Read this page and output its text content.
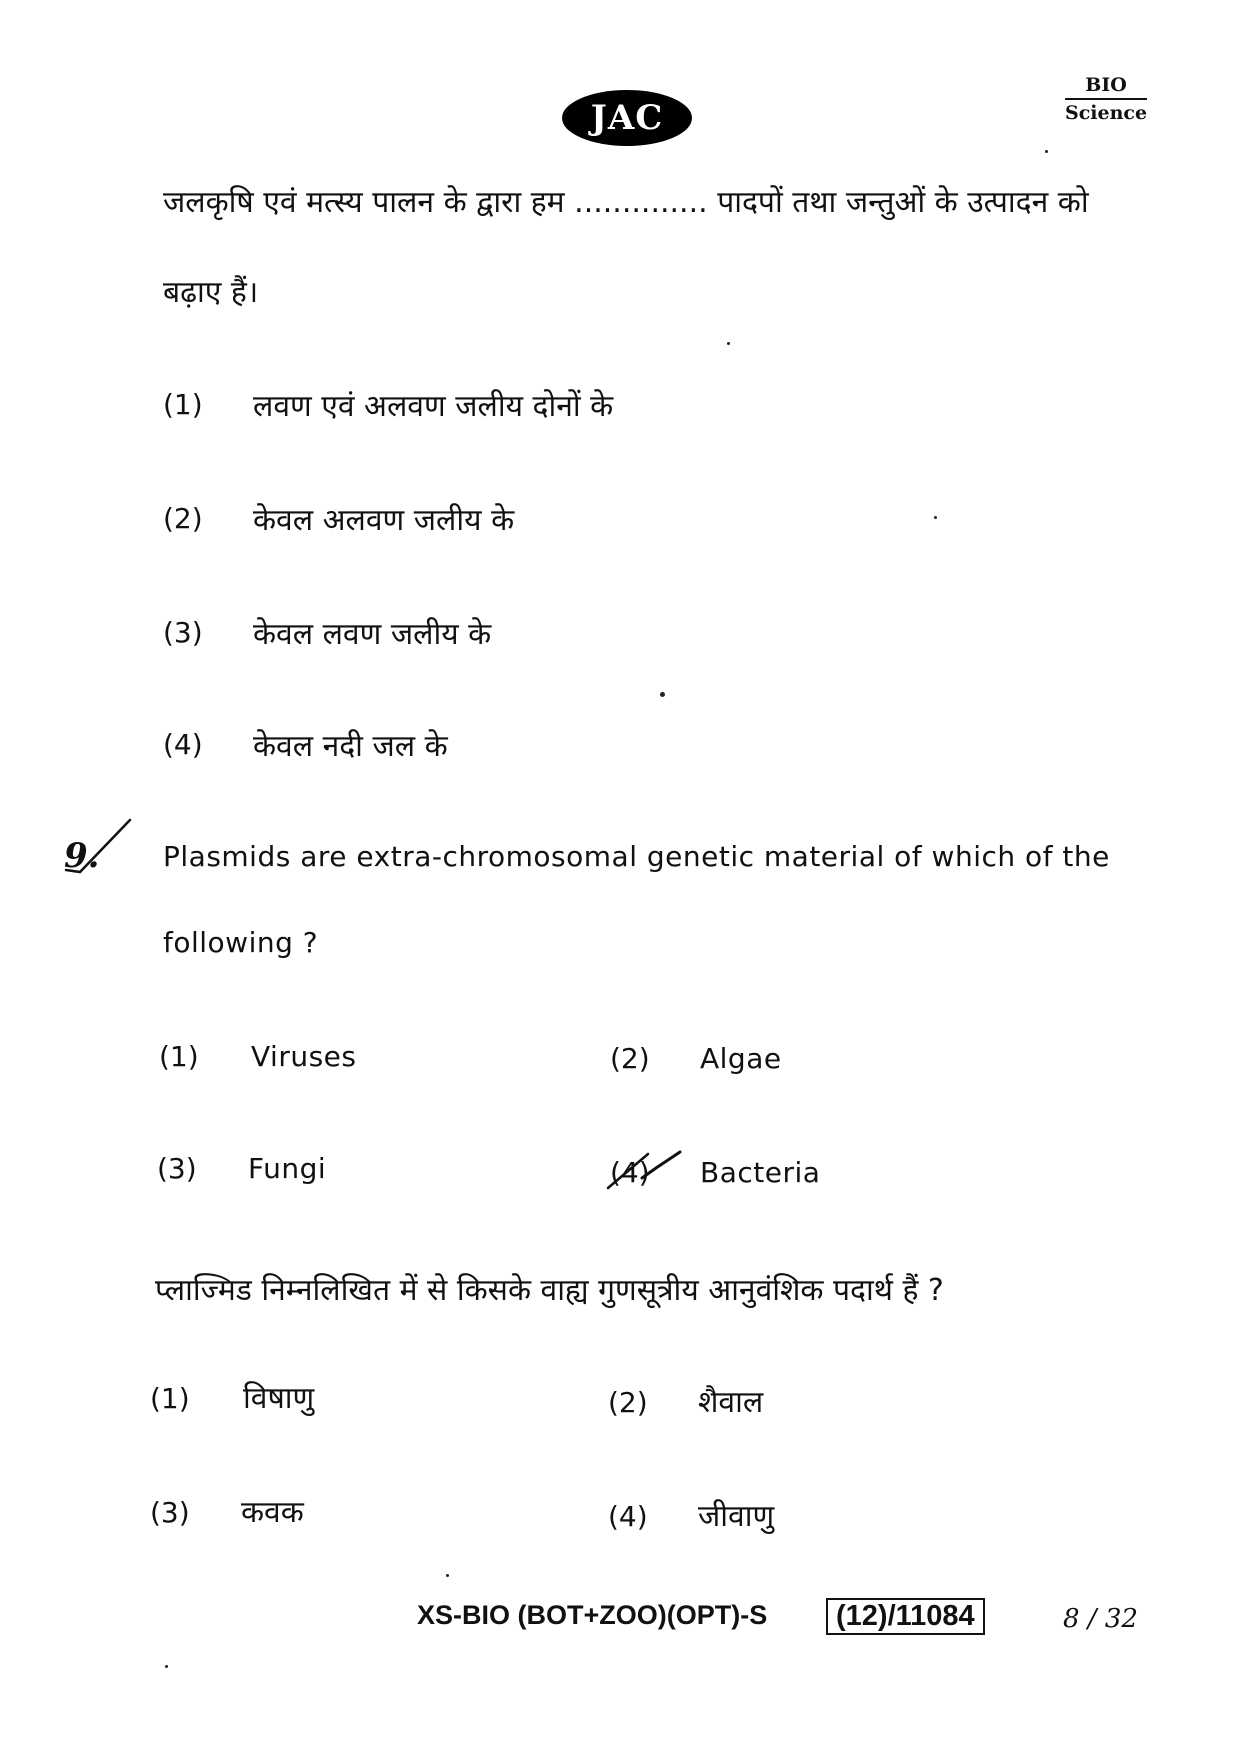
JAC
BIO
Science
जलकृषि एवं मत्स्य पालन के द्वारा हम .............. पादपों तथा जन्तुओं के उत्पादन को
बढ़ाए हैं।
(1) लवण एवं अलवण जलीय दोनों के
(2) केवल अलवण जलीय के
(3) केवल लवण जलीय के
(4) केवल नदी जल के
9. Plasmids are extra-chromosomal genetic material of which of the
following ?
(1) Viruses	(2) Algae
(3) Fungi	(4) Bacteria
प्लाज्मिड निम्नलिखित में से किसके वाह्य गुणसूत्रीय आनुवंशिक पदार्थ हैं ?
(1) विषाणु	(2) शैवाल
(3) कवक	(4) जीवाणु
XS-BIO (BOT+ZOO)(OPT)-S	(12)/11084	8 / 32
